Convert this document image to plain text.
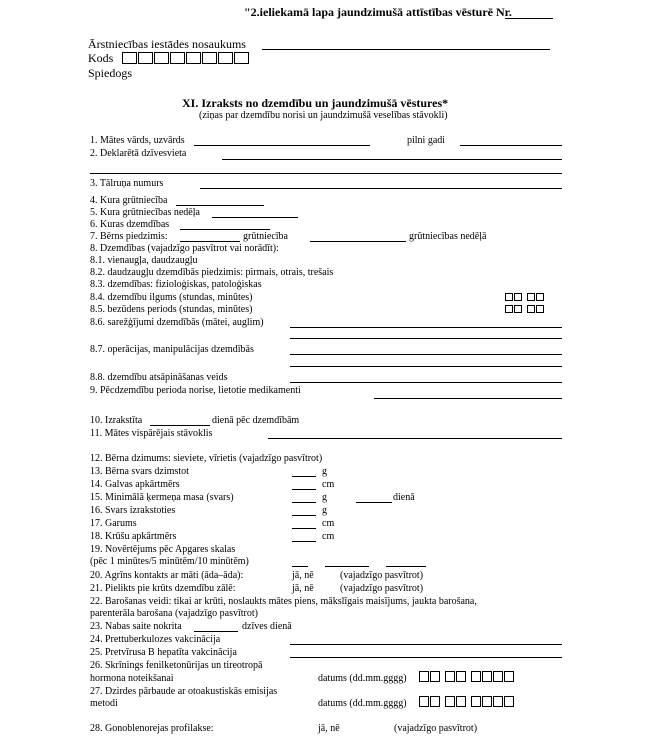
"2.ieliekamā lapa jaundzimušā attīstības vēsturē Nr.
Ārstniecības iestādes nosaukums
Kods
Spiedogs
XI. Izraksts no dzemdību un jaundzimušā vēstures*
(ziņas par dzemdību norisi un jaundzimušā veselības stāvokli)
1. Mātes vārds, uzvārds	pilni gadi
2. Deklarētā dzīvesvieta
3. Tālruņa numurs
4. Kura grūtniecība
5. Kura grūtniecības nedēļa
6. Kuras dzemdības
7. Bērns piedzimis:	grūtniecība	grūtniecības nedēļā
8. Dzemdības (vajadzīgo pasvītrot vai norādīt):
8.1. vienaugļa, daudzaugļu
8.2. daudzaugļu dzemdībās piedzimis: pirmais, otrais, trešais
8.3. dzemdības: fizioloģiskas, patoloģiskas
8.4. dzemdību ilgums (stundas, minūtes)
8.5. bezūdens periods (stundas, minūtes)
8.6. sarežģījumi dzemdībās (mātei, auglim)
8.7. operācijas, manipulācijas dzemdībās
8.8. dzemdību atsāpināšanas veids
9. Pēcdzemdību perioda norise, lietotie medikamenti
10. Izrakstīta	dienā pēc dzemdībām
11. Mātes vispārējais stāvoklis
12. Bērna dzimums: sieviete, vīrietis (vajadzīgo pasvītrot)
13. Bērna svars dzimstot	g
14. Galvas apkārtmērs	cm
15. Minimālā ķermeņa masa (svars)	g	dienā
16. Svars izrakstoties	g
17. Garums	cm
18. Krūšu apkārtmērs	cm
19. Novērtējums pēc Apgares skalas
(pēc 1 minūtes/5 minūtēm/10 minūtēm)
20. Agrīns kontakts ar māti (āda–āda):	jā, nē	(vajadzīgo pasvītrot)
21. Pielikts pie krūts dzemdību zālē:	jā, nē	(vajadzīgo pasvītrot)
22. Barošanas veidi: tikai ar krūti, noslaukts mātes piens, mākslīgais maisījums, jaukta barošana,
parenterāla barošana (vajadzīgo pasvītrot)
23. Nabas saite nokrita	dzīves dienā
24. Prettuberkulozes vakcinācija
25. Pretvīrusa B hepatīta vakcinācija
26. Skrīnings fenilketonūrijas un tireotropā
hormona noteikšanai	datums (dd.mm.gggg)
27. Dzirdes pārbaude ar otoakustiskās emisijas
metodi	datums (dd.mm.gggg)
28. Gonoblenorejas profilakse:	jā, nē	(vajadzīgo pasvītrot)
